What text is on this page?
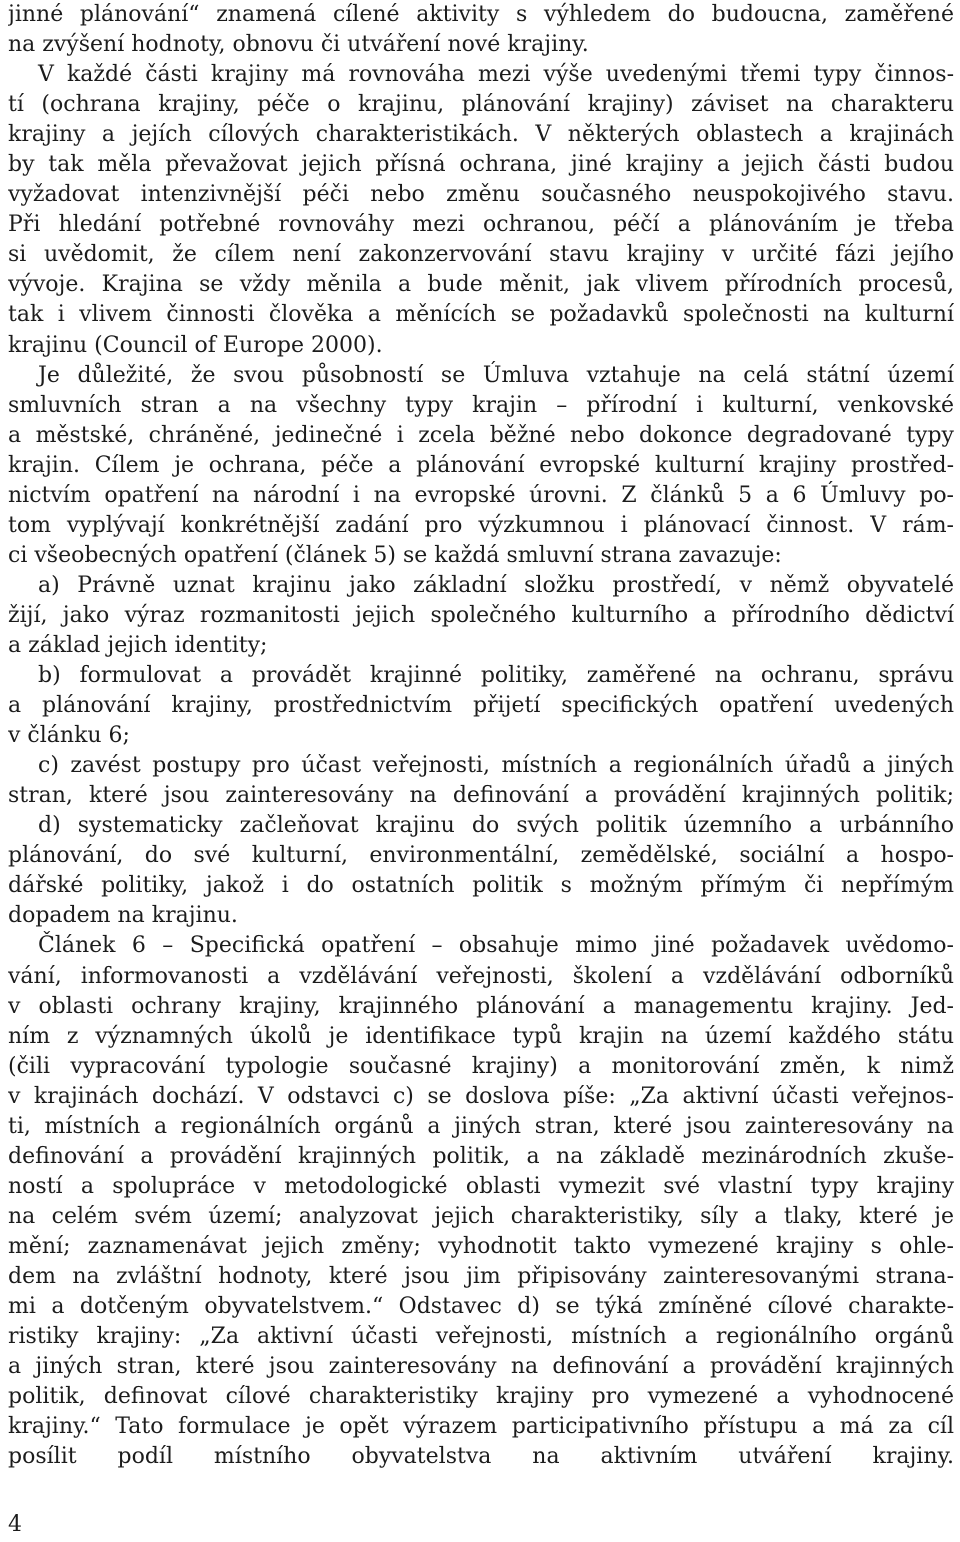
jinné plánování“ znamená cílené aktivity s výhledem do budoucna, zaměřené
na zvýšení hodnoty, obnovu či utváření nové krajiny.
V každé části krajiny má rovnováha mezi výše uvedenými třemi typy činnos-
tí (ochrana krajiny, péče o krajinu, plánování krajiny) záviset na charakteru
krajiny a jejích cílových charakteristikách. V některých oblastech a krajinách
by tak měla převažovat jejich přísná ochrana, jiné krajiny a jejich části budou
vyžadovat intenzivnější péči nebo změnu současného neuspokojivého stavu.
Při hledání potřebné rovnováhy mezi ochranou, péčí a plánováním je třeba
si uvědomit, že cílem není zakonzervování stavu krajiny v určité fázi jejího
vývoje. Krajina se vždy měnila a bude měnit, jak vlivem přírodních procesů,
tak i vlivem činnosti člověka a měnících se požadavků společnosti na kulturní
krajinu (Council of Europe 2000).
Je důležité, že svou působností se Úmluva vztahuje na celá státní území
smluvních stran a na všechny typy krajin – přírodní i kulturní, venkovské
a městské, chráněné, jedinečné i zcela běžné nebo dokonce degradované typy
krajin. Cílem je ochrana, péče a plánování evropské kulturní krajiny prostřed-
nictvím opatření na národní i na evropské úrovni. Z článků 5 a 6 Úmluvy po-
tom vyplývají konkrétnější zadání pro výzkumnou i plánovací činnost. V rám-
ci všeobecných opatření (článek 5) se každá smluvní strana zavazuje:
a) Právně uznat krajinu jako základní složku prostředí, v němž obyvatelé
žijí, jako výraz rozmanitosti jejich společného kulturního a přírodního dědictví
a základ jejich identity;
b) formulovat a provádět krajinné politiky, zaměřené na ochranu, správu
a plánování krajiny, prostřednictvím přijetí specifických opatření uvedených
v článku 6;
c) zavést postupy pro účast veřejnosti, místních a regionálních úřadů a jiných
stran, které jsou zainteresovány na definování a provádění krajinných politik;
d) systematicky začleňovat krajinu do svých politik územního a urbánního
plánování, do své kulturní, environmentální, zemědělské, sociální a hospo-
dářské politiky, jakož i do ostatních politik s možným přímým či nepřímým
dopadem na krajinu.
Článek 6 – Specifická opatření – obsahuje mimo jiné požadavek uvědomo-
vání, informovanosti a vzdělávání veřejnosti, školení a vzdělávání odborníků
v oblasti ochrany krajiny, krajinného plánování a managementu krajiny. Jed-
ním z významných úkolů je identifikace typů krajin na území každého státu
(čili vypracování typologie současné krajiny) a monitorování změn, k nimž
v krajinách dochází. V odstavci c) se doslova píše: „Za aktivní účasti veřejnos-
ti, místních a regionálních orgánů a jiných stran, které jsou zainteresovány na
definování a provádění krajinných politik, a na základě mezinárodních zkuše-
ností a spolupráce v metodologické oblasti vymezit své vlastní typy krajiny
na celém svém území; analyzovat jejich charakteristiky, síly a tlaky, které je
mění; zaznamenávat jejich změny; vyhodnotit takto vymezené krajiny s ohle-
dem na zvláštní hodnoty, které jsou jim připisovány zainteresovanými strana-
mi a dotčeným obyvatelstvem.“ Odstavec d) se týká zmíněné cílové charakte-
ristiky krajiny: „Za aktivní účasti veřejnosti, místních a regionálního orgánů
a jiných stran, které jsou zainteresovány na definování a provádění krajinných
politik, definovat cílové charakteristiky krajiny pro vymezené a vyhodnocené
krajiny.“ Tato formulace je opět výrazem participativního přístupu a má za cíl
posílit podíl místního obyvatelstva na aktivním utváření krajiny.
4
